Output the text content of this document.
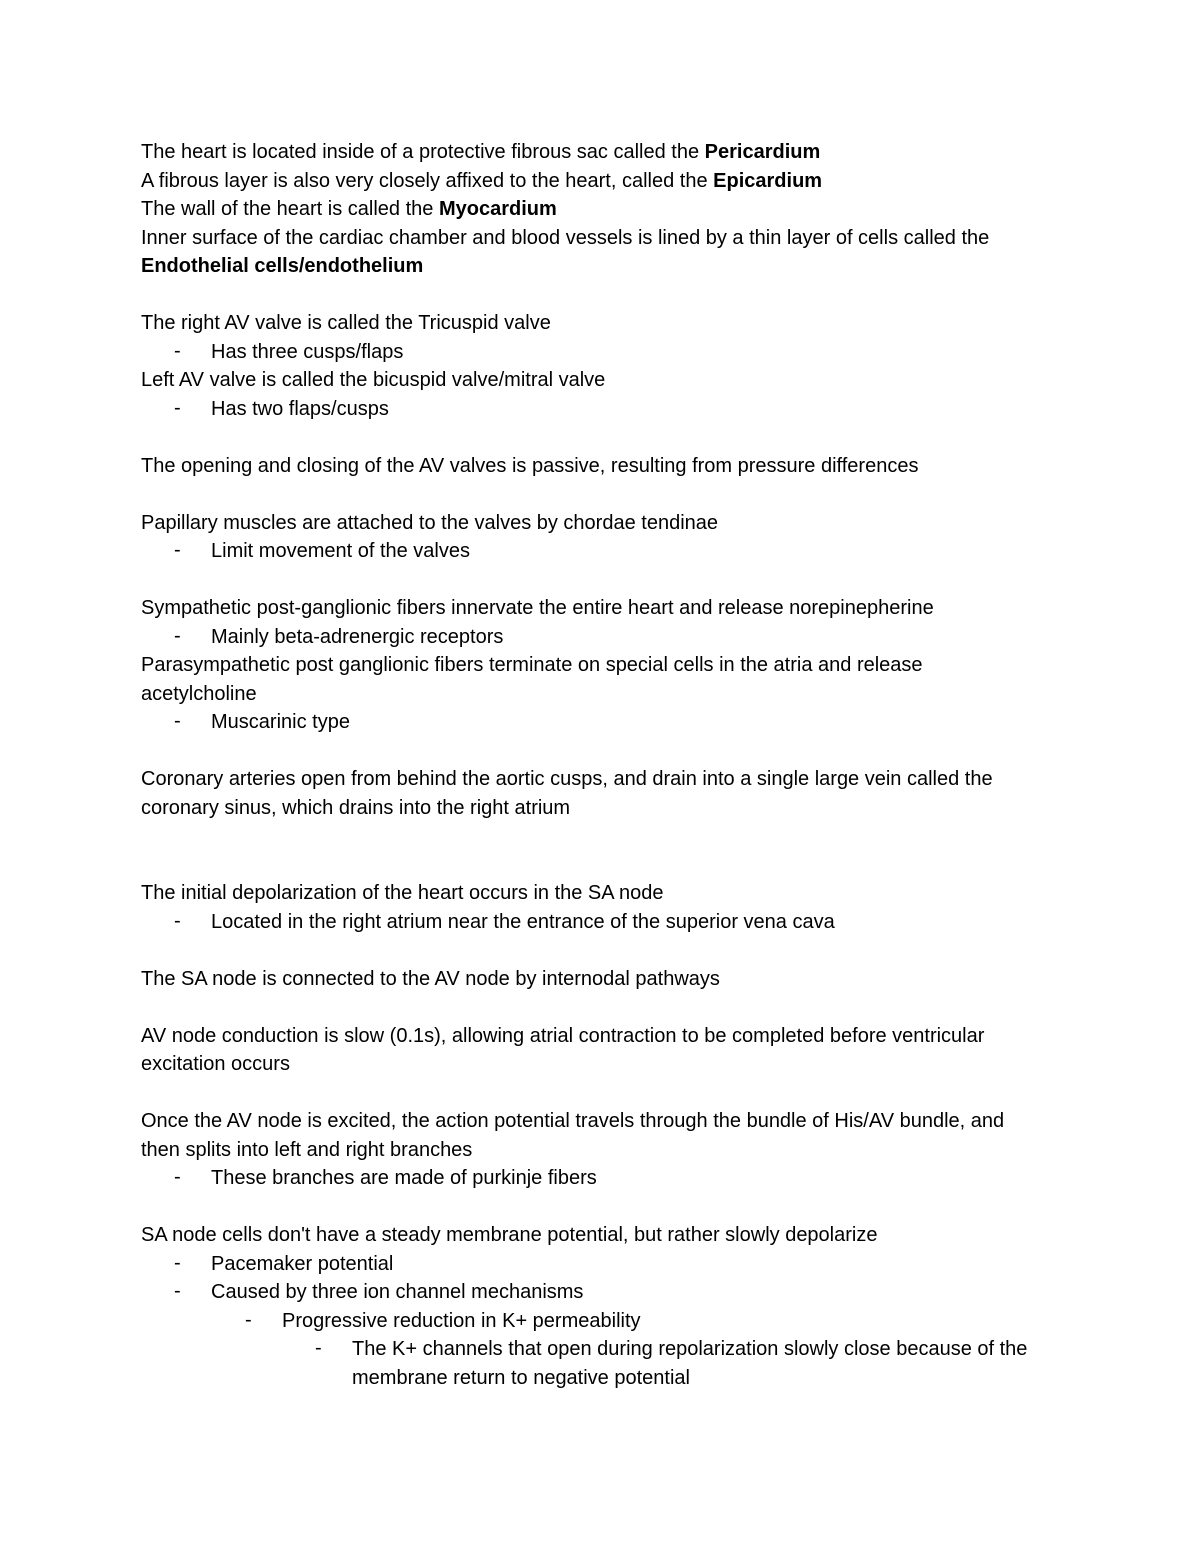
The heart is located inside of a protective fibrous sac called the Pericardium

A fibrous layer is also very closely affixed to the heart, called the Epicardium

The wall of the heart is called the Myocardium

Inner surface of the cardiac chamber and blood vessels is lined by a thin layer of cells called the Endothelial cells/endothelium

The right AV valve is called the Tricuspid valve

- Has three cusps/flaps

Left AV valve is called the bicuspid valve/mitral valve

- Has two flaps/cusps

The opening and closing of the AV valves is passive, resulting from pressure differences

Papillary muscles are attached to the valves by chordae tendinae

- Limit movement of the valves

Sympathetic post-ganglionic fibers innervate the entire heart and release norepinepherine

- Mainly beta-adrenergic receptors

Parasympathetic post ganglionic fibers terminate on special cells in the atria and release acetylcholine

- Muscarinic type

Coronary arteries open from behind the aortic cusps, and drain into a single large vein called the coronary sinus, which drains into the right atrium

The initial depolarization of the heart occurs in the SA node

- Located in the right atrium near the entrance of the superior vena cava

The SA node is connected to the AV node by internodal pathways

AV node conduction is slow (0.1s), allowing atrial contraction to be completed before ventricular excitation occurs

Once the AV node is excited, the action potential travels through the bundle of His/AV bundle, and then splits into left and right branches

- These branches are made of purkinje fibers

SA node cells don't have a steady membrane potential, but rather slowly depolarize

- Pacemaker potential

- Caused by three ion channel mechanisms

- Progressive reduction in K+ permeability

- The K+ channels that open during repolarization slowly close because of the membrane return to negative potential
